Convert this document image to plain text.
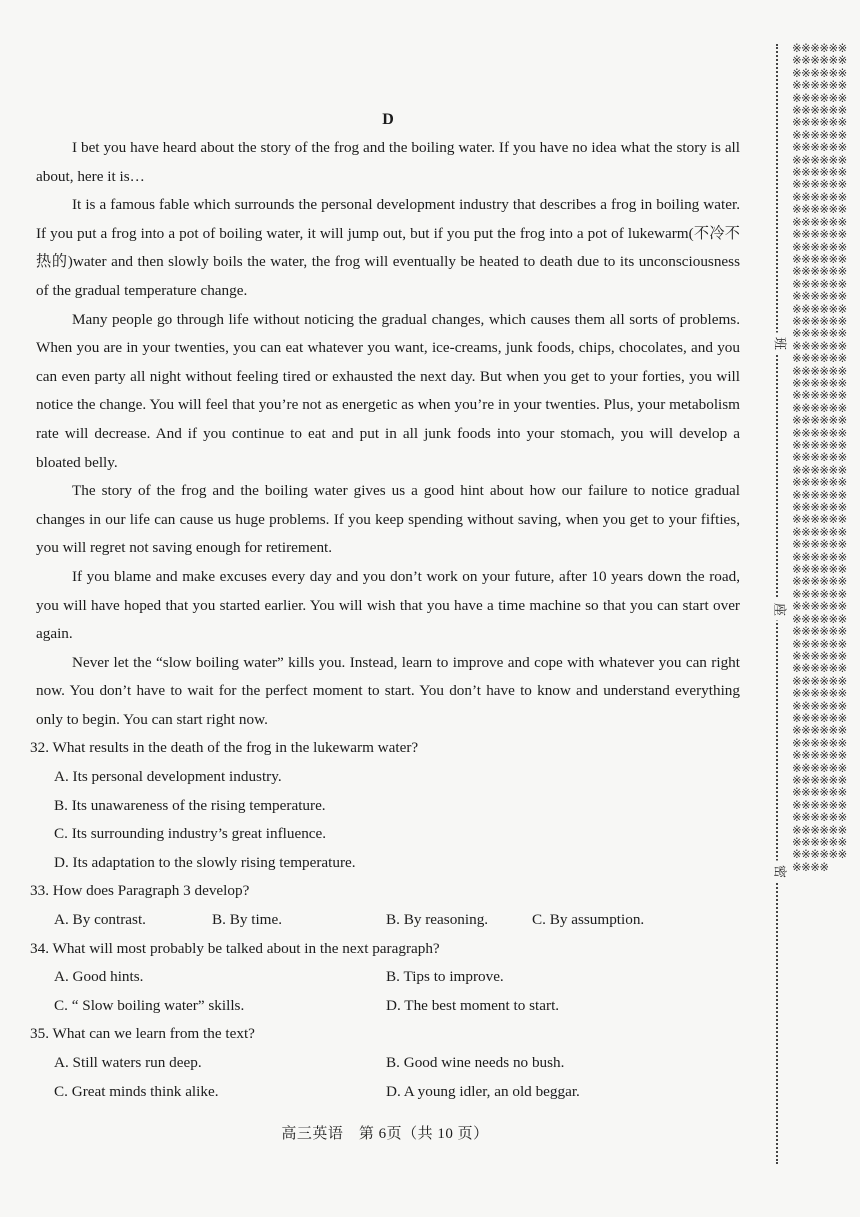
D

I bet you have heard about the story of the frog and the boiling water. If you have no idea what the story is all about, here it is…

It is a famous fable which surrounds the personal development industry that describes a frog in boiling water. If you put a frog into a pot of boiling water, it will jump out, but if you put the frog into a pot of lukewarm(不冷不热的)water and then slowly boils the water, the frog will eventually be heated to death due to its unconsciousness of the gradual temperature change.

Many people go through life without noticing the gradual changes, which causes them all sorts of problems. When you are in your twenties, you can eat whatever you want, ice-creams, junk foods, chips, chocolates, and you can even party all night without feeling tired or exhausted the next day. But when you get to your forties, you will notice the change. You will feel that you’re not as energetic as when you’re in your twenties. Plus, your metabolism rate will decrease. And if you continue to eat and put in all junk foods into your stomach, you will develop a bloated belly.

The story of the frog and the boiling water gives us a good hint about how our failure to notice gradual changes in our life can cause us huge problems. If you keep spending without saving, when you get to your fifties, you will regret not saving enough for retirement.

If you blame and make excuses every day and you don’t work on your future, after 10 years down the road, you will have hoped that you started earlier. You will wish that you have a time machine so that you can start over again.

Never let the “slow boiling water” kills you. Instead, learn to improve and cope with whatever you can right now. You don’t have to wait for the perfect moment to start. You don’t have to know and understand everything only to begin. You can start right now.

32. What results in the death of the frog in the lukewarm water?
A. Its personal development industry.
B. Its unawareness of the rising temperature.
C. Its surrounding industry’s great influence.
D. Its adaptation to the slowly rising temperature.
33. How does Paragraph 3 develop?
A. By contrast.	B. By time.	B. By reasoning.	C. By assumption.
34. What will most probably be talked about in the next paragraph?
A. Good hints.	B. Tips to improve.
C. “ Slow boiling water” skills.	D. The best moment to start.
35. What can we learn from the text?
A. Still waters run deep.	B. Good wine needs no bush.
C. Great minds think alike.	D. A young idler, an old beggar.
高三英语　第 6页（共 10 页）
※※※※※※※※※※※※※※※※※※※※※※※※※※※※※※※※※※※※※※※※※※※※※※※※※※※※※※※※※※※※※※※※※※※※※※※※※※※※※※※※※※※※※※※※※※※※※※※※※※※※※※※※※※※※※※※※※※※※※※※※※※※※※※※※※※※※※※※※※※※※※※※※※※※※※※※※※※※※※※※※※※※※※※※※※※※※※※※※※※※※※※※※※※※※※※※※※※※※※※※※※※※※※※※※※※※※※※※※※※※※※※※※※※※※※※※※※※※※※※※※※※※※※※※※※※※※※※※※※※※※※※※※※※※※※※※※※※※※※※※※※※※※※※※※※※※※※※※※※※※※※※※※※※※※※※※※※※※※※※※※※※※※※※※※※※※※※※※※※※※※※※※※※※※※※※※※※※※※※※※※※※※※※※※※※※※※※※※※※※※※※※※※※※※※※※※※※※※※※※※※
班
座
密
